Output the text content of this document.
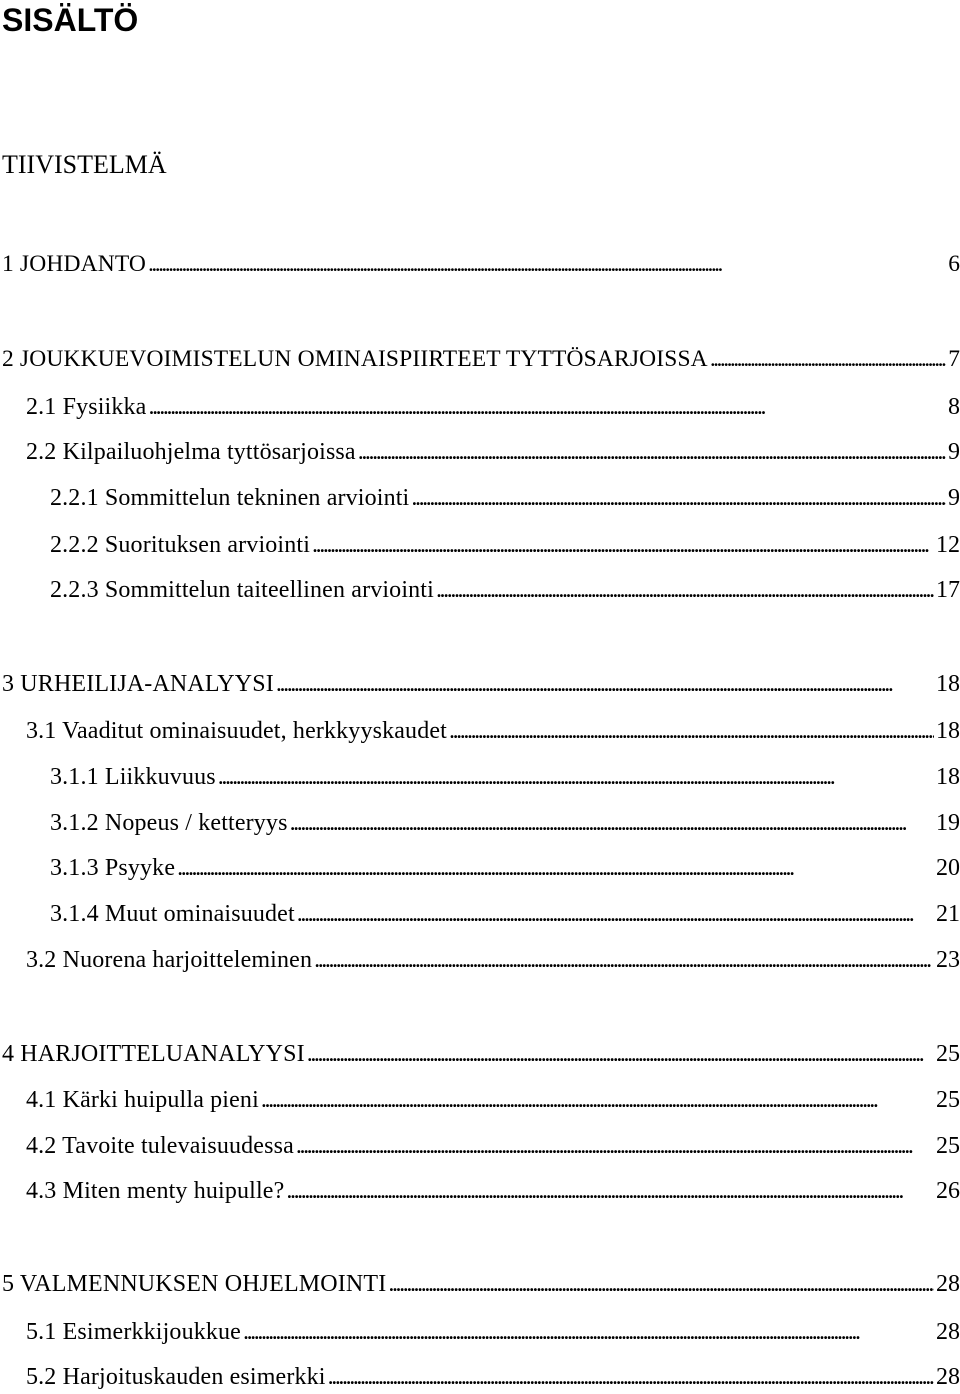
SISÄLTÖ
TIIVISTELMÄ
1 JOHDANTO . . .	6
2 JOUKKUEVOIMISTELUN OMINAISPIIRTEET TYTTÖSARJOISSA . . .	7
2.1 Fysiikka . . .	8
2.2 Kilpailuohjelma tyttösarjoissa . . .	9
2.2.1 Sommittelun tekninen arviointi . . .	9
2.2.2 Suorituksen arviointi . . .	12
2.2.3 Sommittelun taiteellinen arviointi . . .	17
3 URHEILIJA-ANALYYSI . . .	18
3.1 Vaaditut ominaisuudet, herkkyyskaudet . . .	18
3.1.1 Liikkuvuus . . .	18
3.1.2 Nopeus / ketteryys . . .	19
3.1.3 Psyyke . . .	20
3.1.4 Muut ominaisuudet . . .	21
3.2 Nuorena harjoitteleminen . . .	23
4 HARJOITTELUANALYYSI . . .	25
4.1 Kärki huipulla pieni . . .	25
4.2 Tavoite tulevaisuudessa . . .	25
4.3 Miten menty huipulle? . . .	26
5 VALMENNUKSEN OHJELMOINTI . . .	28
5.1 Esimerkkijoukkue . . .	28
5.2 Harjoituskauden esimerkki . . .	28
